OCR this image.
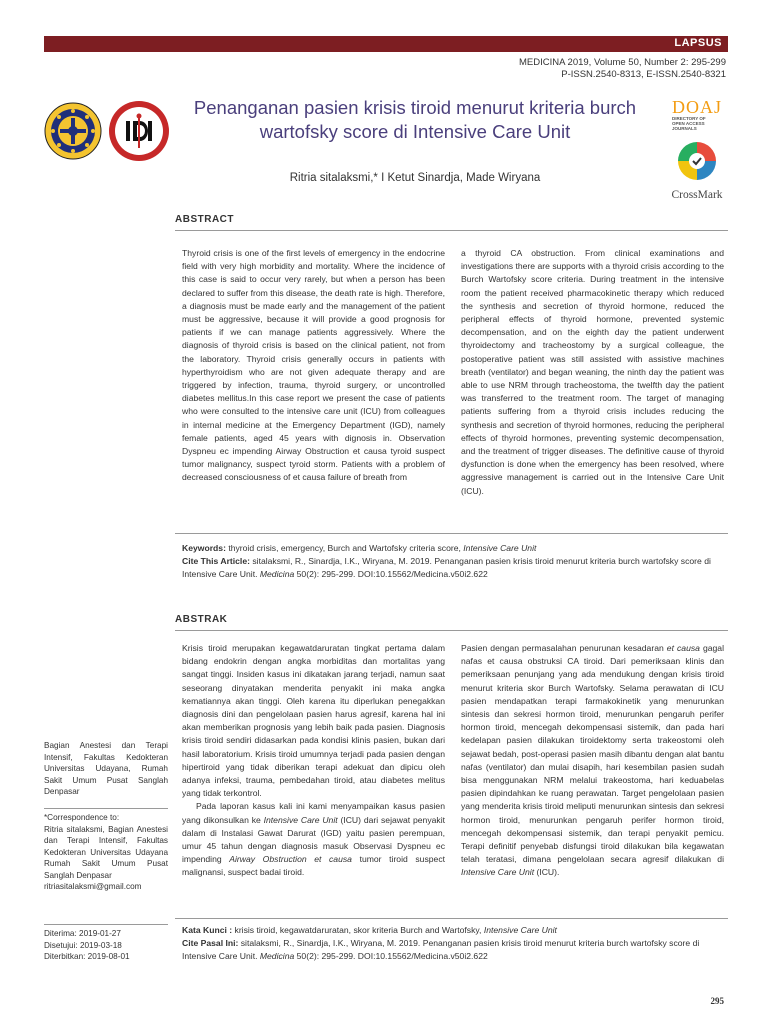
LAPSUS
MEDICINA 2019, Volume 50, Number 2: 295-299
P-ISSN.2540-8313, E-ISSN.2540-8321
Penanganan pasien krisis tiroid menurut kriteria burch wartofsky score di Intensive Care Unit
Ritria sitalaksmi,* I Ketut Sinardja, Made Wiryana
DOAJ
DIRECTORY OF
OPEN ACCESS
JOURNALS
CrossMark
ABSTRACT

Thyroid crisis is one of the first levels of emergency in the endocrine field with very high morbidity and mortality. Where the incidence of this case is said to occur very rarely, but when a person has been declared to suffer from this disease, the death rate is high. Therefore, a diagnosis must be made early and the management of the patient must be aggressive, because it will provide a good prognosis for patients if we can manage patients aggressively. Where the diagnosis of thyroid crisis is based on the clinical patient, not from the laboratory. Thyroid crisis generally occurs in patients with hyperthyroidism who are not given adequate therapy and are triggered by infection, trauma, thyroid surgery, or uncontrolled diabetes mellitus.In this case report we present the case of patients who were consulted to the intensive care unit (ICU) from colleagues in internal medicine at the Emergency Department (IGD), namely female patients, aged 45 years with dignosis in. Observation Dyspneu ec impending Airway Obstruction et causa tyroid suspect tumor malignancy, suspect tyroid storm. Patients with a problem of decreased consciousness of et causa failure of breath from

a thyroid CA obstruction. From clinical examinations and investigations there are supports with a thyroid crisis according to the Burch Wartofsky score criteria. During treatment in the intensive room the patient received pharmacokinetic therapy which reduced the synthesis and secretion of thyroid hormone, reduced the peripheral effects of thyroid hormone, prevented systemic decompensation, and on the eighth day the patient underwent thyroidectomy and tracheostomy by a surgical colleague, the postoperative patient was still assisted with assistive machines breath (ventilator) and began weaning, the ninth day the patient was able to use NRM through tracheostoma, the twelfth day the patient was transferred to the treatment room. The target of managing patients suffering from a thyroid crisis includes reducing the synthesis and secretion of thyroid hormones, reducing the peripheral effects of thyroid hormones, preventing systemic decompensation, and the treatment of trigger diseases. The definitive cause of thyroid dysfunction is done when the emergency has been resolved, where aggressive management is carried out in the Intensive Care Unit (ICU).

Keywords: thyroid crisis, emergency, Burch and Wartofsky criteria score, Intensive Care Unit
Cite This Article: sitalaksmi, R., Sinardja, I.K., Wiryana, M. 2019. Penanganan pasien krisis tiroid menurut kriteria burch wartofsky score di Intensive Care Unit. Medicina 50(2): 295-299. DOI:10.15562/Medicina.v50i2.622
ABSTRAK

Krisis tiroid merupakan kegawatdaruratan tingkat pertama dalam bidang endokrin dengan angka morbiditas dan mortalitas yang sangat tinggi. Insiden kasus ini dikatakan jarang terjadi, namun saat seseorang dinyatakan menderita penyakit ini maka angka kematiannya akan tinggi. Oleh karena itu diperlukan penegakkan diagnosis dini dan pengelolaan pasien harus agresif, karena hal ini akan memberikan prognosis yang lebih baik pada pasien. Diagnosis krisis tiroid sendiri didasarkan pada kondisi klinis pasien, bukan dari hasil laboratorium. Krisis tiroid umumnya terjadi pada pasien dengan hipertiroid yang tidak diberikan terapi adekuat dan dipicu oleh adanya infeksi, trauma, pembedahan tiroid, atau diabetes melitus yang tidak terkontrol.

Pada laporan kasus kali ini kami menyampaikan kasus pasien yang dikonsulkan ke Intensive Care Unit (ICU) dari sejawat penyakit dalam di Instalasi Gawat Darurat (IGD) yaitu pasien perempuan, umur 45 tahun dengan diagnosis masuk Observasi Dyspneu ec impending Airway Obstruction et causa tumor tiroid suspect malignansi, suspect badai tiroid.

Pasien dengan permasalahan penurunan kesadaran et causa gagal nafas et causa obstruksi CA tiroid. Dari pemeriksaan klinis dan pemeriksaan penunjang yang ada mendukung dengan krisis tiroid menurut kriteria skor Burch Wartofsky. Selama perawatan di ICU pasien mendapatkan terapi farmakokinetik yang menurunkan sintesis dan sekresi hormon tiroid, menurunkan pengaruh perifer hormon tiroid, mencegah dekompensasi sistemik, dan pada hari kedelapan pasien dilakukan tiroidektomy serta trakeostomi oleh sejawat bedah, post-operasi pasien masih dibantu dengan alat bantu nafas (ventilator) dan mulai disapih, hari kesembilan pasien sudah bisa menggunakan NRM melalui trakeostoma, hari keduabelas pasien dipindahkan ke ruang perawatan. Target pengelolaan pasien yang menderita krisis tiroid meliputi menurunkan sintesis dan sekresi hormon tiroid, menurunkan pengaruh perifer hormon tiroid, mencegah dekompensasi sistemik, dan terapi penyakit pemicu. Terapi definitif penyebab disfungsi tiroid dilakukan bila kegawatan telah teratasi, dimana pengelolaan secara agresif dilakukan di Intensive Care Unit (ICU).

Kata Kunci : krisis tiroid, kegawatdaruratan, skor kriteria Burch and Wartofsky, Intensive Care Unit
Cite Pasal Ini: sitalaksmi, R., Sinardja, I.K., Wiryana, M. 2019. Penanganan pasien krisis tiroid menurut kriteria burch wartofsky score di Intensive Care Unit. Medicina 50(2): 295-299. DOI:10.15562/Medicina.v50i2.622
Bagian Anestesi dan Terapi Intensif, Fakultas Kedokteran Universitas Udayana, Rumah Sakit Umum Pusat Sanglah Denpasar
*Correspondence to:
Ritria sitalaksmi, Bagian Anestesi dan Terapi Intensif, Fakultas Kedokteran Universitas Udayana Rumah Sakit Umum Pusat Sanglah Denpasar
ritriasitalaksmi@gmail.com
Diterima: 2019-01-27
Disetujui: 2019-03-18
Diterbitkan: 2019-08-01
295
